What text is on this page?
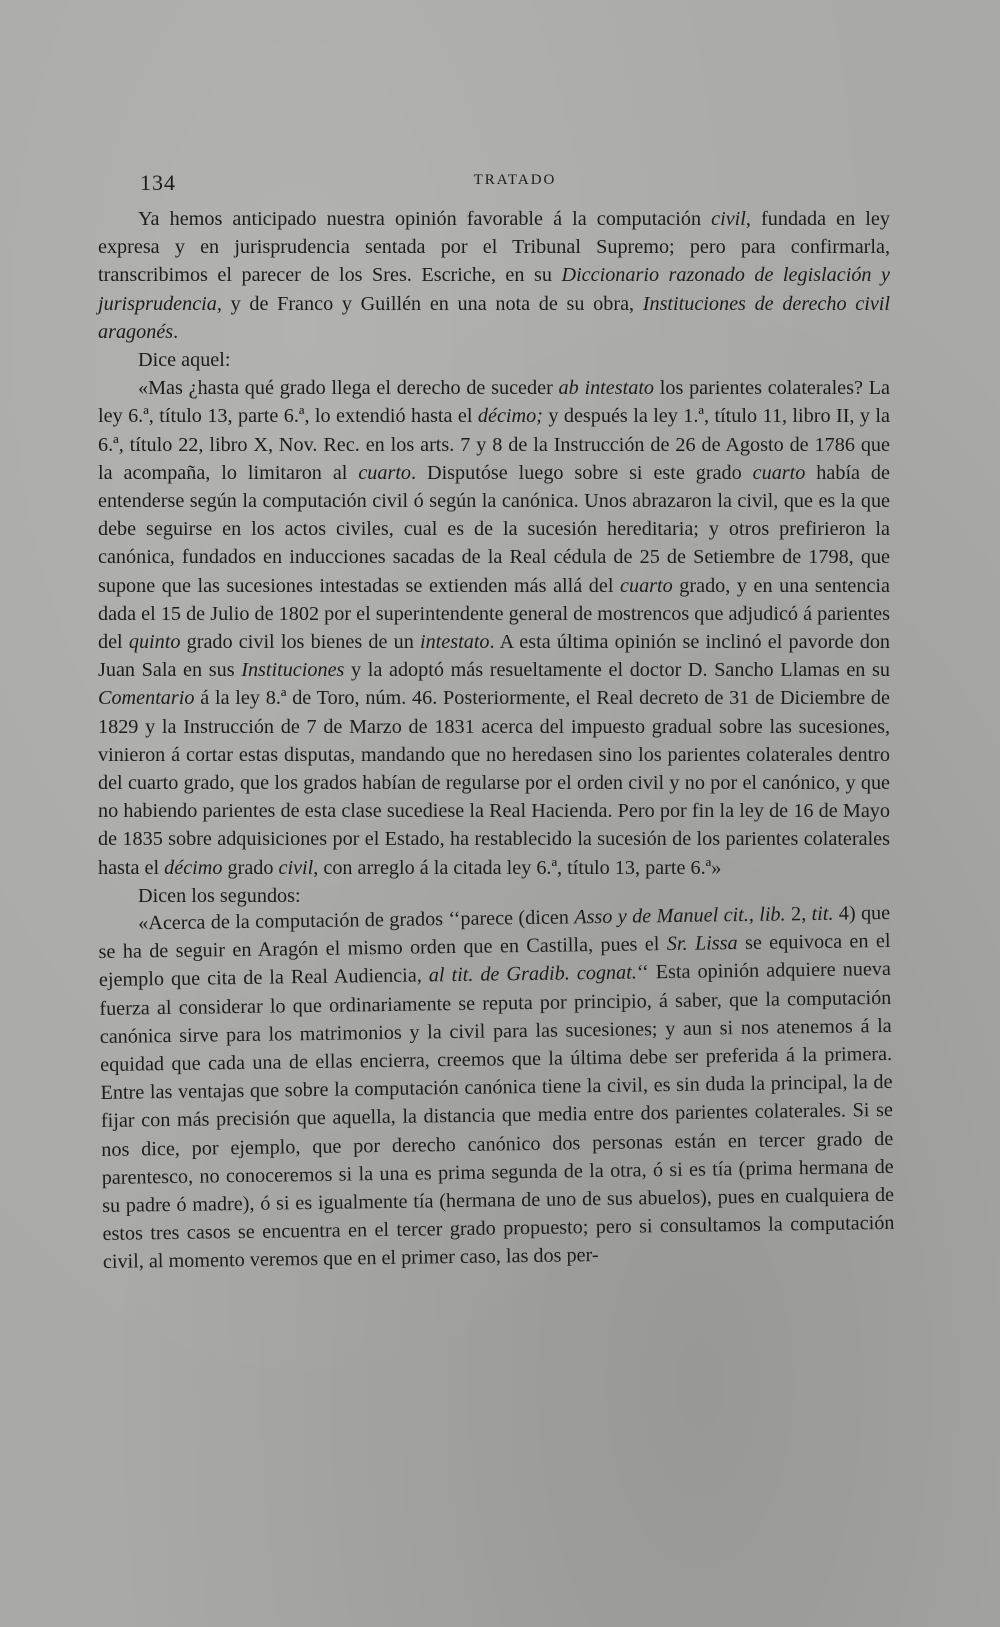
134	TRATADO

Ya hemos anticipado nuestra opinión favorable á la computación civil, fundada en ley expresa y en jurisprudencia sentada por el Tribunal Supremo; pero para confirmarla, transcribimos el parecer de los Sres. Escriche, en su Diccionario razonado de legislación y jurisprudencia, y de Franco y Guillén en una nota de su obra, Instituciones de derecho civil aragonés.

Dice aquel:

«Mas ¿hasta qué grado llega el derecho de suceder ab intestato los parientes colaterales? La ley 6.ª, título 13, parte 6.ª, lo extendió hasta el décimo; y después la ley 1.ª, título 11, libro II, y la 6.ª, título 22, libro X, Nov. Rec. en los arts. 7 y 8 de la Instrucción de 26 de Agosto de 1786 que la acompaña, lo limitaron al cuarto. Disputóse luego sobre si este grado cuarto había de entenderse según la computación civil ó según la canónica. Unos abrazaron la civil, que es la que debe seguirse en los actos civiles, cual es de la sucesión hereditaria; y otros prefirieron la canónica, fundados en inducciones sacadas de la Real cédula de 25 de Setiembre de 1798, que supone que las sucesiones intestadas se extienden más allá del cuarto grado, y en una sentencia dada el 15 de Julio de 1802 por el superintendente general de mostrencos que adjudicó á parientes del quinto grado civil los bienes de un intestato. A esta última opinión se inclinó el pavorde don Juan Sala en sus Instituciones y la adoptó más resueltamente el doctor D. Sancho Llamas en su Comentario á la ley 8.ª de Toro, núm. 46. Posteriormente, el Real decreto de 31 de Diciembre de 1829 y la Instrucción de 7 de Marzo de 1831 acerca del impuesto gradual sobre las sucesiones, vinieron á cortar estas disputas, mandando que no heredasen sino los parientes colaterales dentro del cuarto grado, que los grados habían de regularse por el orden civil y no por el canónico, y que no habiendo parientes de esta clase sucediese la Real Hacienda. Pero por fin la ley de 16 de Mayo de 1835 sobre adquisiciones por el Estado, ha restablecido la sucesión de los parientes colaterales hasta el décimo grado civil, con arreglo á la citada ley 6.ª, título 13, parte 6.ª»

Dicen los segundos:

«Acerca de la computación de grados ‘‘parece (dicen Asso y de Manuel cit., lib. 2, tit. 4) que se ha de seguir en Aragón el mismo orden que en Castilla, pues el Sr. Lissa se equivoca en el ejemplo que cita de la Real Audiencia, al tit. de Gradib. cognat.‘‘ Esta opinión adquiere nueva fuerza al considerar lo que ordinariamente se reputa por principio, á saber, que la computación canónica sirve para los matrimonios y la civil para las sucesiones; y aun si nos atenemos á la equidad que cada una de ellas encierra, creemos que la última debe ser preferida á la primera. Entre las ventajas que sobre la computación canónica tiene la civil, es sin duda la principal, la de fijar con más precisión que aquella, la distancia que media entre dos parientes colaterales. Si se nos dice, por ejemplo, que por derecho canónico dos personas están en tercer grado de parentesco, no conoceremos si la una es prima segunda de la otra, ó si es tía (prima hermana de su padre ó madre), ó si es igualmente tía (hermana de uno de sus abuelos), pues en cualquiera de estos tres casos se encuentra en el tercer grado propuesto; pero si consultamos la computación civil, al momento veremos que en el primer caso, las dos per-
